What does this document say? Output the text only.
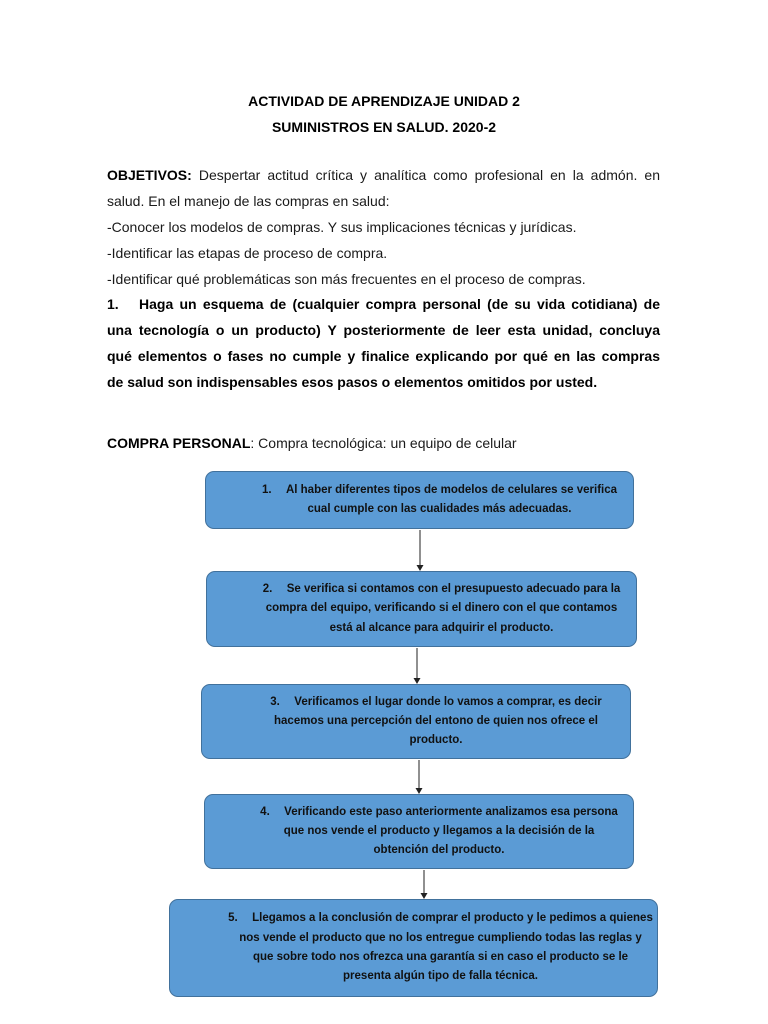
ACTIVIDAD DE APRENDIZAJE UNIDAD 2
SUMINISTROS EN SALUD. 2020-2
OBJETIVOS: Despertar actitud crítica y analítica como profesional en la admón. en
salud. En el manejo de las compras en salud:
-Conocer los modelos de compras. Y sus implicaciones técnicas y jurídicas.
-Identificar las etapas de proceso de compra.
-Identificar qué problemáticas son más frecuentes en el proceso de compras.
1.	Haga un esquema de (cualquier compra personal (de su vida cotidiana) de
una tecnología o un producto) Y posteriormente de leer esta unidad, concluya
qué elementos o fases no cumple y finalice explicando por qué en las compras
de salud son indispensables esos pasos o elementos omitidos por usted.
COMPRA PERSONAL: Compra tecnológica: un equipo de celular
1. Al haber diferentes tipos de modelos de celulares se verifica
cual cumple con las cualidades más adecuadas.
2. Se verifica si contamos con el presupuesto adecuado para la
compra del equipo, verificando si el dinero con el que contamos
está al alcance para adquirir el producto.
3. Verificamos el lugar donde lo vamos a comprar, es decir
hacemos una percepción del entono de quien nos ofrece el
producto.
4. Verificando este paso anteriormente analizamos esa persona
que nos vende el producto y llegamos a la decisión de la
obtención del producto.
5. Llegamos a la conclusión de comprar el producto y le pedimos a quienes
nos vende el producto que no los entregue cumpliendo todas las reglas y
que sobre todo nos ofrezca una garantía si en caso el producto se le
presenta algún tipo de falla técnica.
